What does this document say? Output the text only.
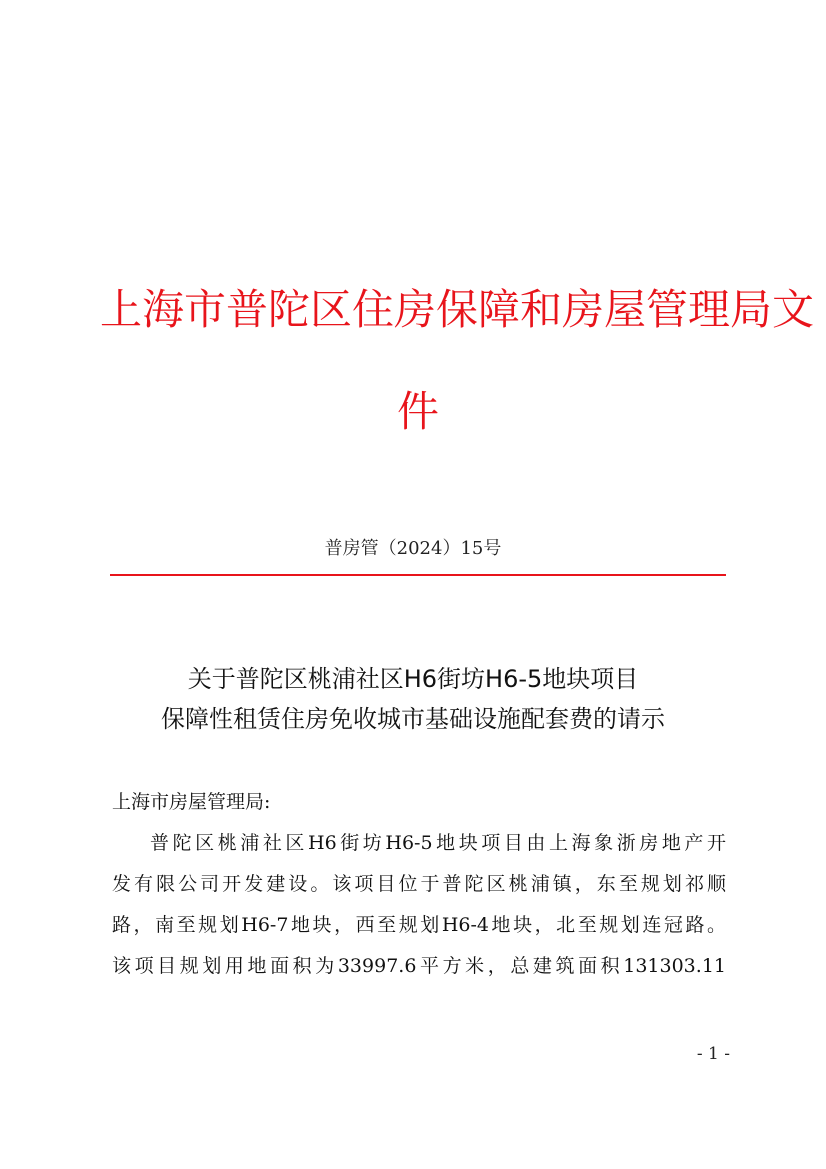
上海市普陀区住房保障和房屋管理局文
件
普房管（2024）15号
关于普陀区桃浦社区H6街坊H6-5地块项目
保障性租赁住房免收城市基础设施配套费的请示
上海市房屋管理局:
普陀区桃浦社区H6街坊H6-5地块项目由上海象浙房地产开
发有限公司开发建设。该项目位于普陀区桃浦镇，东至规划祁顺
路，南至规划H6-7地块，西至规划H6-4地块，北至规划连冠路。
该项目规划用地面积为33997.6平方米，总建筑面积131303.11
- 1 -
